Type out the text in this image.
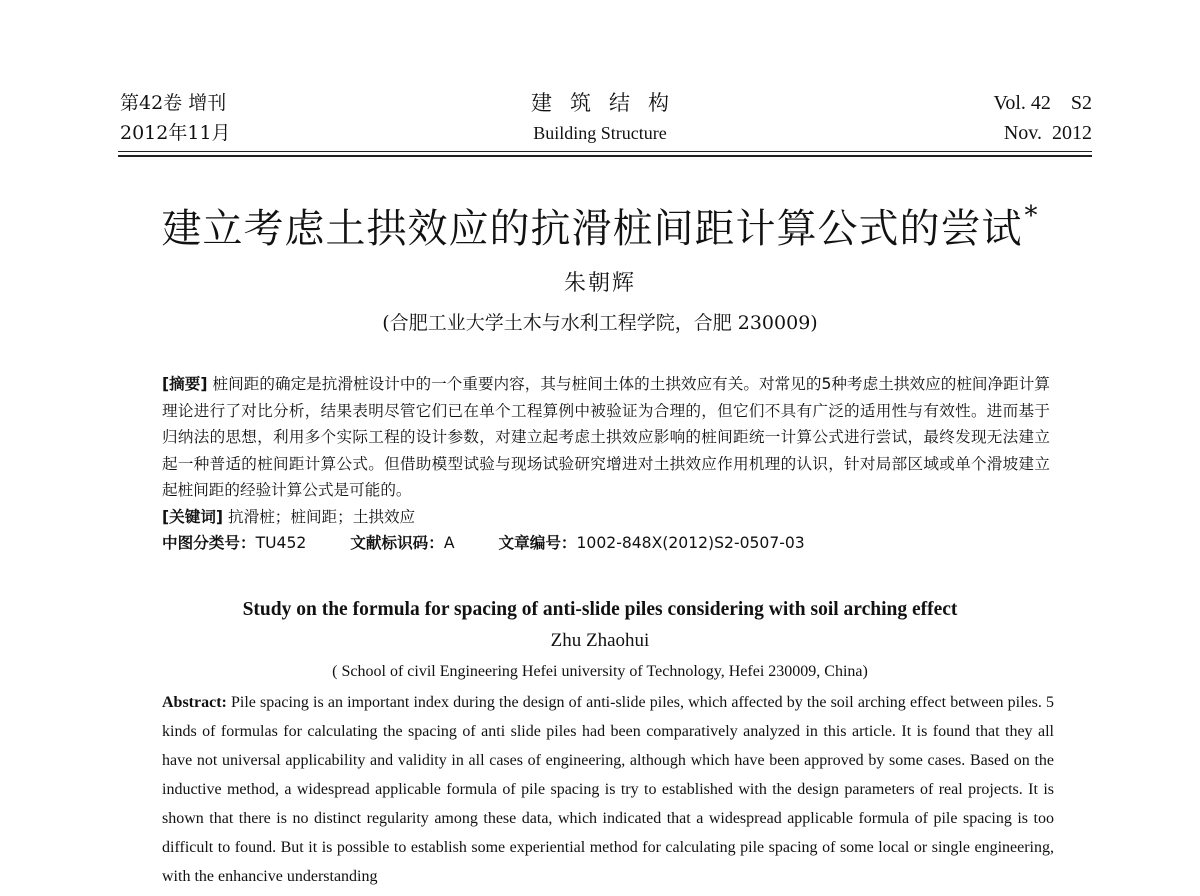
第42卷 增刊
2012年11月
建筑结构
Building Structure
Vol. 42    S2
Nov.  2012
建立考虑土拱效应的抗滑桩间距计算公式的尝试*
朱朝辉
(合肥工业大学土木与水利工程学院，合肥 230009)

[摘要] 桩间距的确定是抗滑桩设计中的一个重要内容，其与桩间土体的土拱效应有关。对常见的5种考虑土拱效应的桩间净距计算理论进行了对比分析，结果表明尽管它们已在单个工程算例中被验证为合理的，但它们不具有广泛的适用性与有效性。进而基于归纳法的思想，利用多个实际工程的设计参数，对建立起考虑土拱效应影响的桩间距统一计算公式进行尝试，最终发现无法建立起一种普适的桩间距计算公式。但借助模型试验与现场试验研究增进对土拱效应作用机理的认识，针对局部区域或单个滑坡建立起桩间距的经验计算公式是可能的。

[关键词] 抗滑桩；桩间距；土拱效应

中图分类号：TU452	文献标识码：A	文章编号：1002-848X(2012)S2-0507-03

Study on the formula for spacing of anti-slide piles considering with soil arching effect
Zhu Zhaohui
( School of civil Engineering Hefei university of Technology, Hefei 230009, China)

Abstract: Pile spacing is an important index during the design of anti-slide piles, which affected by the soil arching effect between piles. 5 kinds of formulas for calculating the spacing of anti slide piles had been comparatively analyzed in this article. It is found that they all have not universal applicability and validity in all cases of engineering, although which have been approved by some cases. Based on the inductive method, a widespread applicable formula of pile spacing is try to established with the design parameters of real projects. It is shown that there is no distinct regularity among these data, which indicated that a widespread applicable formula of pile spacing is too difficult to found. But it is possible to establish some experiential method for calculating pile spacing of some local or single engineering, with the enhancive understanding
